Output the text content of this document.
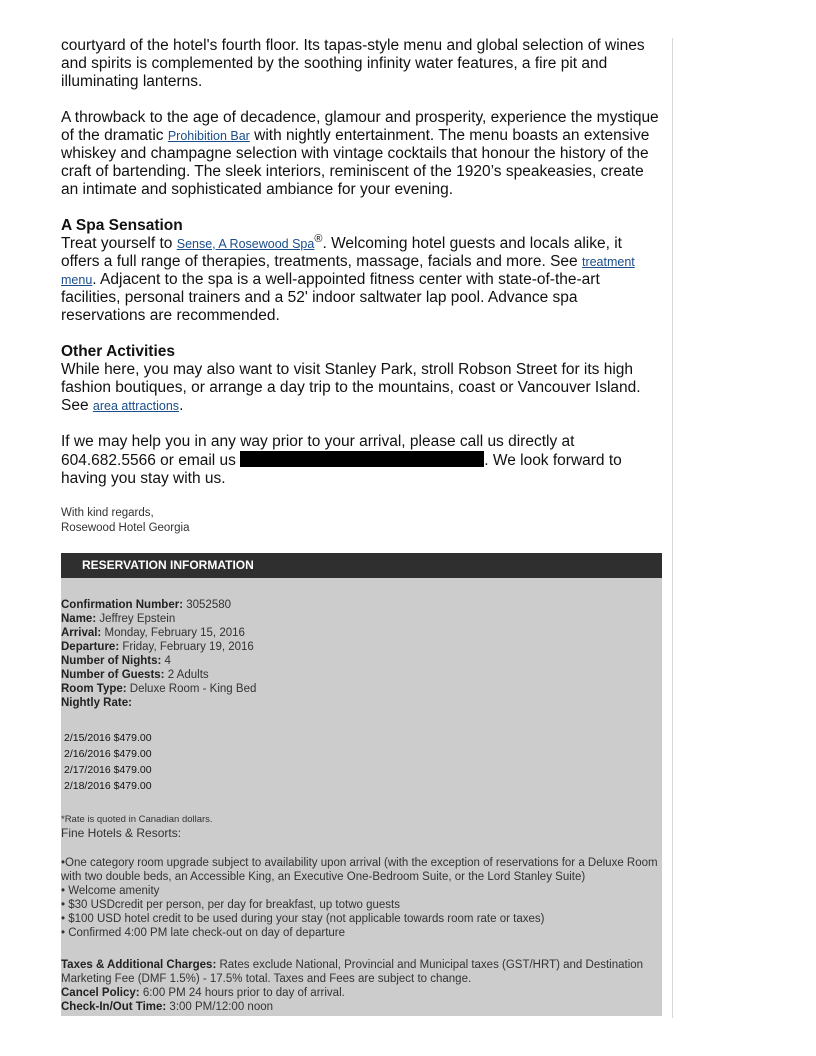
courtyard of the hotel's fourth floor. Its tapas-style menu and global selection of wines and spirits is complemented by the soothing infinity water features, a fire pit and illuminating lanterns.

A throwback to the age of decadence, glamour and prosperity, experience the mystique of the dramatic Prohibition Bar with nightly entertainment. The menu boasts an extensive whiskey and champagne selection with vintage cocktails that honour the history of the craft of bartending. The sleek interiors, reminiscent of the 1920’s speakeasies, create an intimate and sophisticated ambiance for your evening.

A Spa Sensation

Treat yourself to Sense, A Rosewood Spa®. Welcoming hotel guests and locals alike, it offers a full range of therapies, treatments, massage, facials and more. See treatment menu. Adjacent to the spa is a well-appointed fitness center with state-of-the-art facilities, personal trainers and a 52' indoor saltwater lap pool. Advance spa reservations are recommended.

Other Activities

While here, you may also want to visit Stanley Park, stroll Robson Street for its high fashion boutiques, or arrange a day trip to the mountains, coast or Vancouver Island. See area attractions.

If we may help you in any way prior to your arrival, please call us directly at 604.682.5566 or email us	. We look forward to having you stay with us.

With kind regards,

Rosewood Hotel Georgia

RESERVATION INFORMATION
Confirmation Number: 3052580
Name: Jeffrey Epstein
Arrival: Monday, February 15, 2016
Departure: Friday, February 19, 2016
Number of Nights: 4
Number of Guests: 2 Adults
Room Type: Deluxe Room - King Bed
Nightly Rate:
2/15/2016 $479.00
2/16/2016 $479.00
2/17/2016 $479.00
2/18/2016 $479.00
*Rate is quoted in Canadian dollars.
Fine Hotels & Resorts:
•One category room upgrade subject to availability upon arrival (with the exception of reservations for a Deluxe Room with two double beds, an Accessible King, an Executive One-Bedroom Suite, or the Lord Stanley Suite)
• Welcome amenity
• $30 USDcredit per person, per day for breakfast, up totwo guests
• $100 USD hotel credit to be used during your stay (not applicable towards room rate or taxes)
• Confirmed 4:00 PM late check-out on day of departure
Taxes & Additional Charges: Rates exclude National, Provincial and Municipal taxes (GST/HRT) and Destination Marketing Fee (DMF 1.5%) - 17.5% total. Taxes and Fees are subject to change.
Cancel Policy: 6:00 PM 24 hours prior to day of arrival.
Check-In/Out Time: 3:00 PM/12:00 noon
